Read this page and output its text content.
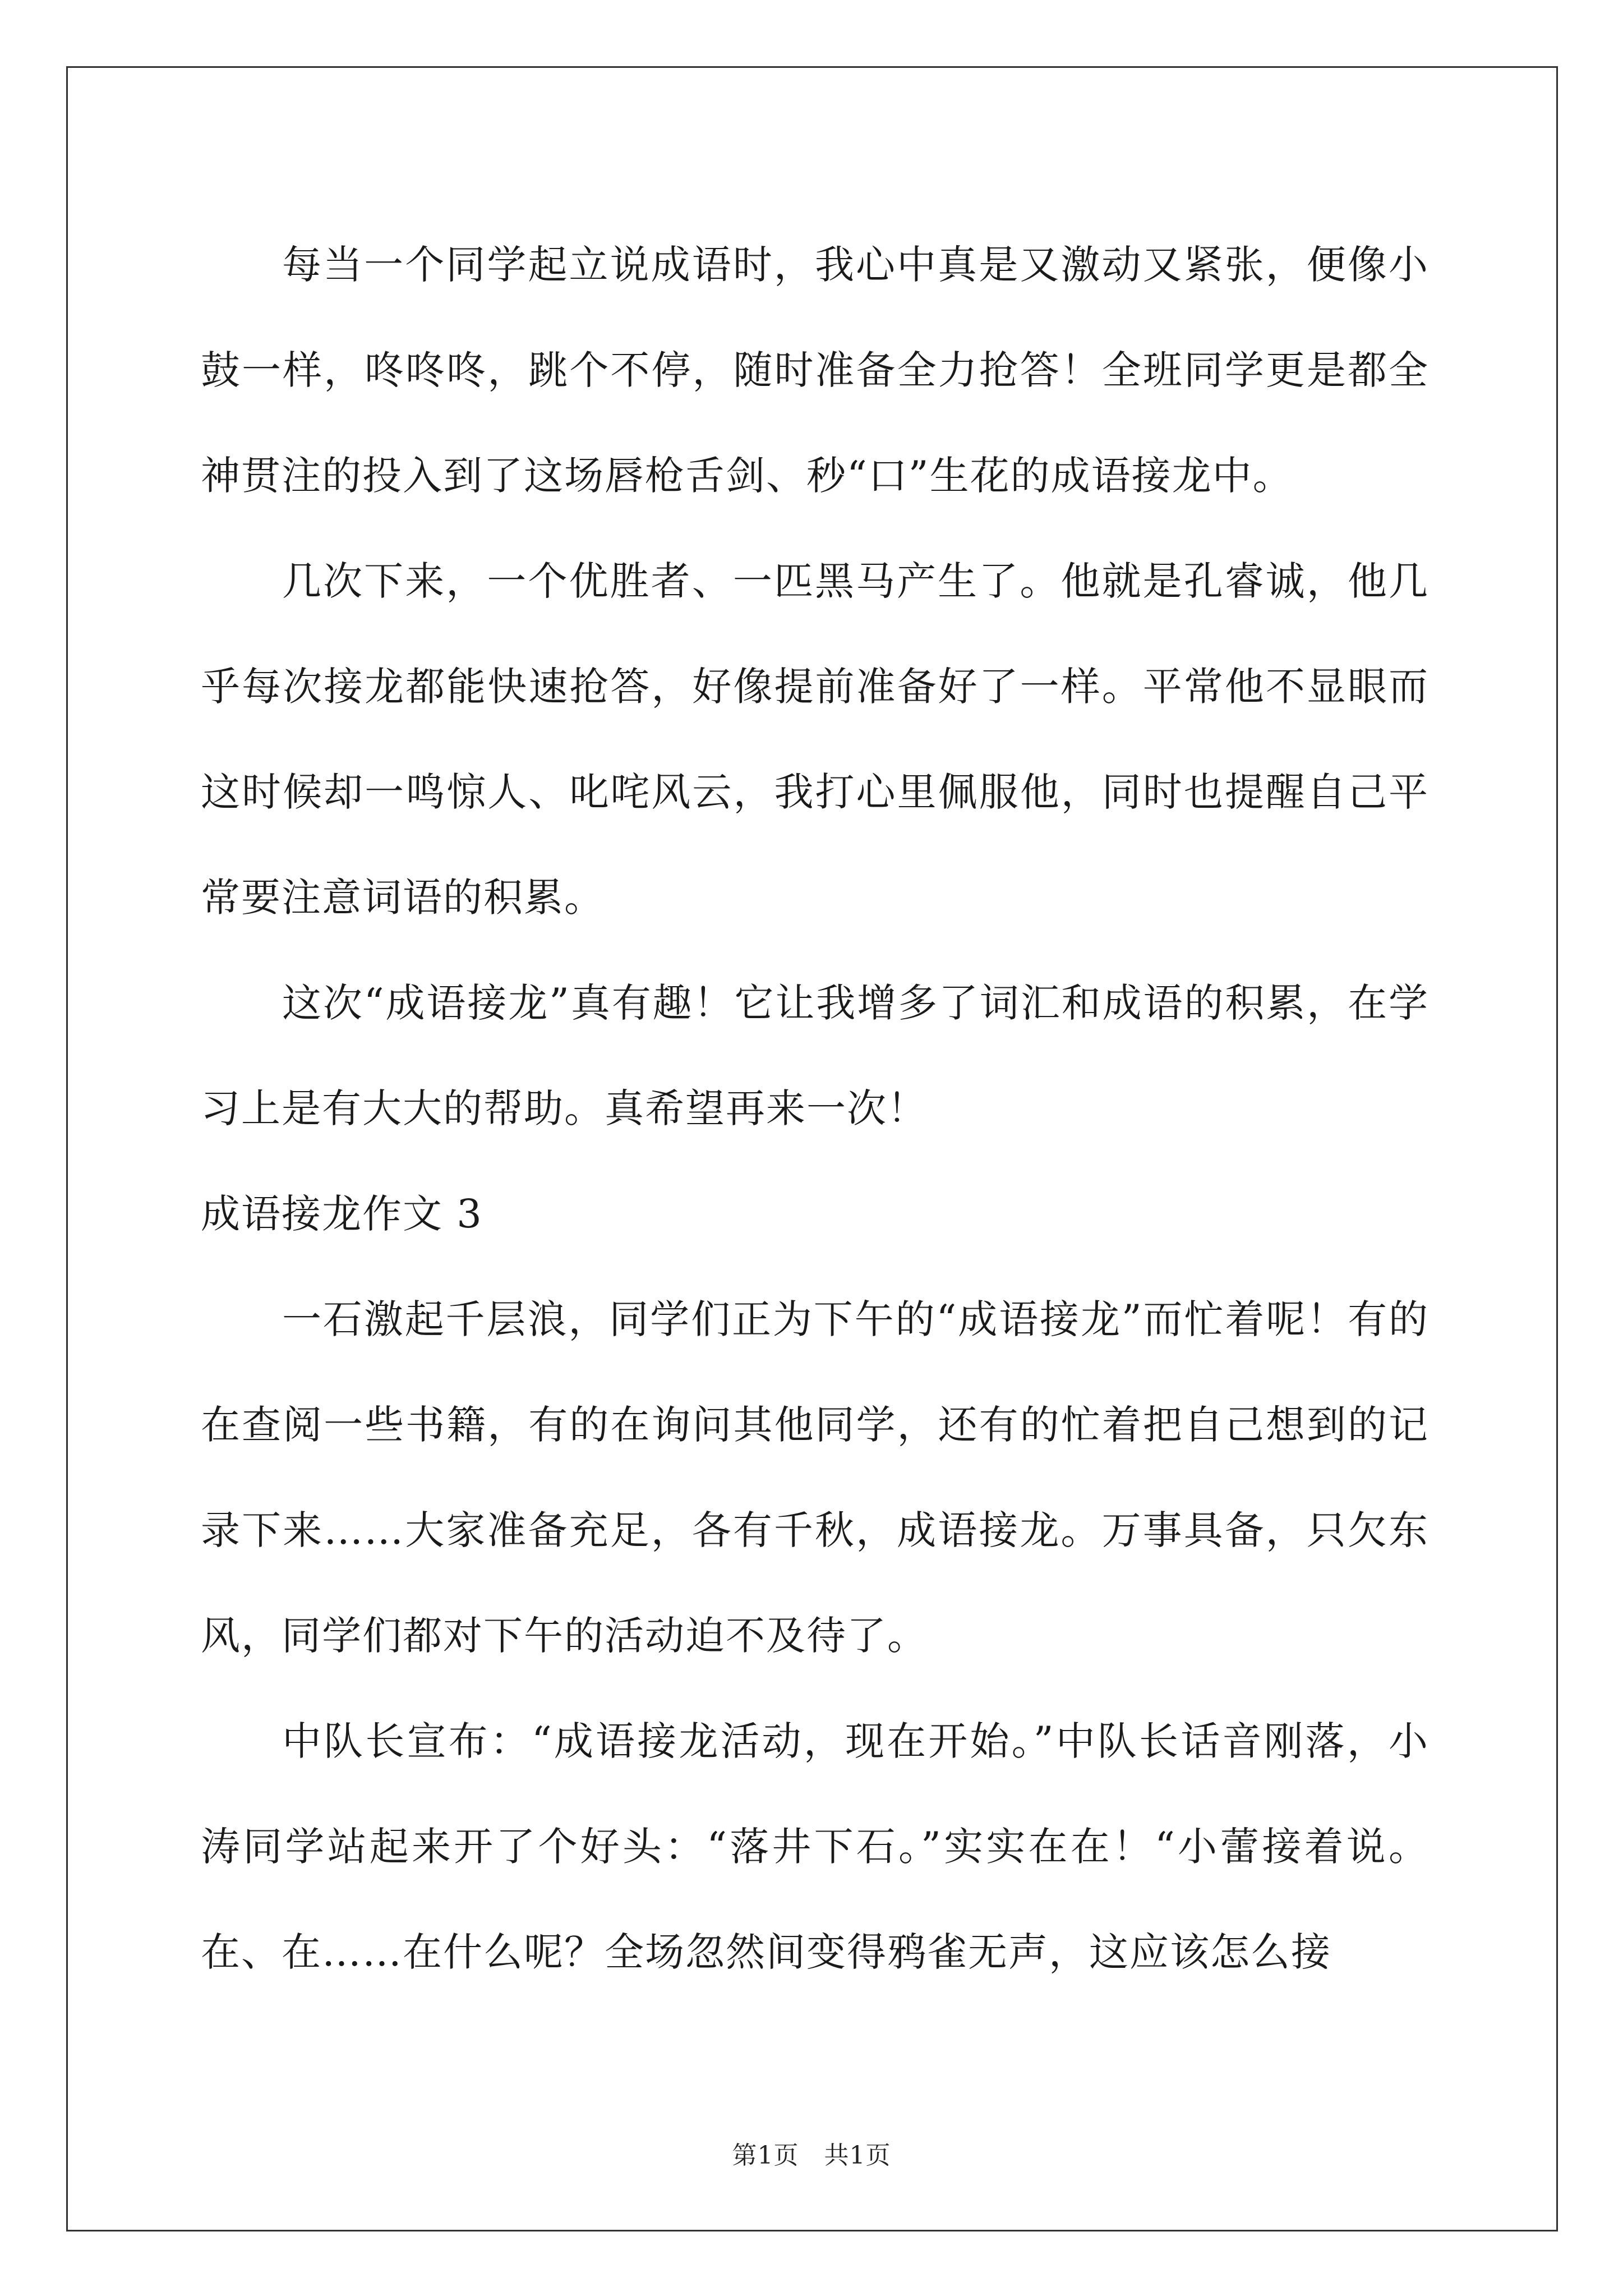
每当一个同学起立说成语时，我心中真是又激动又紧张，便像小鼓一样，咚咚咚，跳个不停，随时准备全力抢答！全班同学更是都全神贯注的投入到了这场唇枪舌剑、秒“口”生花的成语接龙中。

几次下来，一个优胜者、一匹黑马产生了。他就是孔睿诚，他几乎每次接龙都能快速抢答，好像提前准备好了一样。平常他不显眼而这时候却一鸣惊人、叱咤风云，我打心里佩服他，同时也提醒自己平常要注意词语的积累。

这次“成语接龙”真有趣！它让我增多了词汇和成语的积累，在学习上是有大大的帮助。真希望再来一次！

成语接龙作文 3

一石激起千层浪，同学们正为下午的“成语接龙”而忙着呢！有的在查阅一些书籍，有的在询问其他同学，还有的忙着把自己想到的记录下来……大家准备充足，各有千秋，成语接龙。万事具备，只欠东风，同学们都对下午的活动迫不及待了。

中队长宣布：“成语接龙活动，现在开始。”中队长话音刚落，小涛同学站起来开了个好头：“落井下石。”实实在在！“小蕾接着说。在、在……在什么呢？全场忽然间变得鸦雀无声，这应该怎么接

第1页　共1页
